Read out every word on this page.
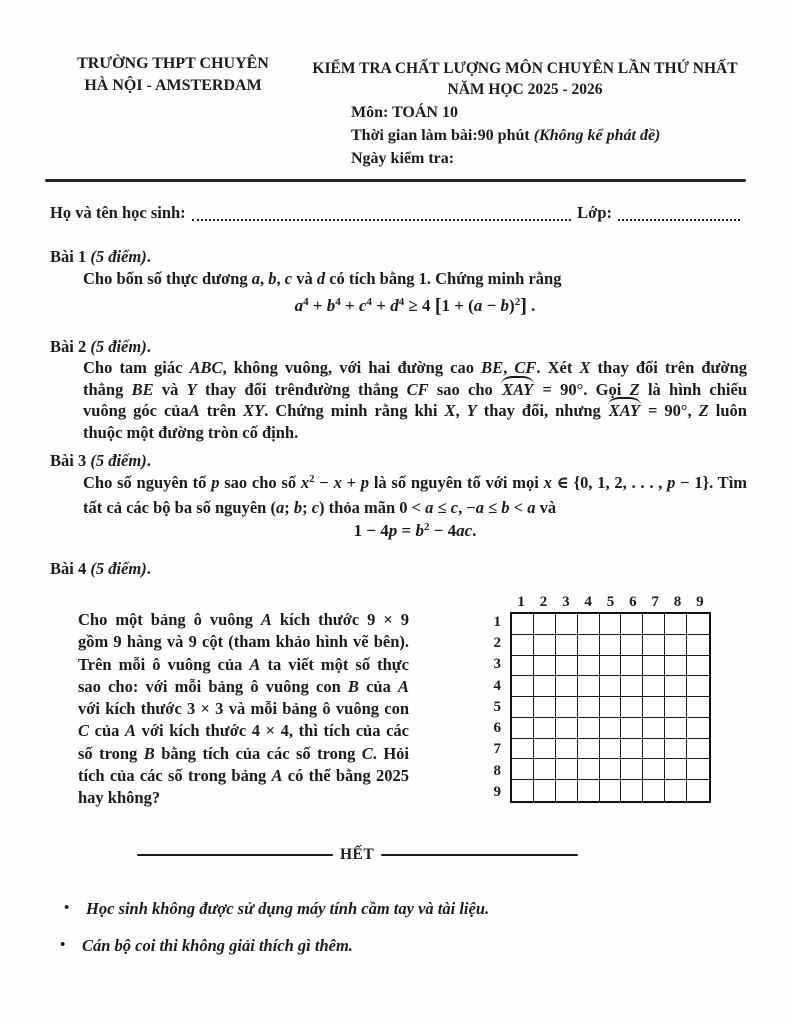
TRƯỜNG THPT CHUYÊN
HÀ NỘI - AMSTERDAM
KIỂM TRA CHẤT LƯỢNG MÔN CHUYÊN LẦN THỨ NHẤT
NĂM HỌC 2025 - 2026
Môn: TOÁN 10
Thời gian làm bài:90 phút (Không kể phát đề)
Ngày kiểm tra:
Họ và tên học sinh:	Lớp:
Bài 1 (5 điểm).
Cho bốn số thực dương a, b, c và d có tích bằng 1. Chứng minh rằng
$a^4 + b^4 + c^4 + d^4 \ge 4$ $[1 + (a - b)^2]$ .
Bài 2 (5 điểm).
Cho tam giác ABC, không vuông, với hai đường cao BE, CF. Xét X thay đổi trên đường
thẳng BE và Y thay đổi trênđường thẳng CF sao cho XAY = 90°. Gọi Z là hình chiếu
vuông góc củaA trên XY. Chứng minh rằng khi X, Y thay đổi, nhưng XAY = 90°, Z luôn
thuộc một đường tròn cố định.
Bài 3 (5 điểm).
Cho số nguyên tố p sao cho số $x^2 - x + p$ là số nguyên tố với mọi x ∈ {0, 1, 2, . . . , p − 1}. Tìm
tất cả các bộ ba số nguyên (a; b; c) thỏa mãn 0 < a ≤ c, −a ≤ b < a và
$1 - 4p = b^2 - 4ac$.
Bài 4 (5 điểm).
Cho một bảng ô vuông A kích thước 9 × 9
gồm 9 hàng và 9 cột (tham khảo hình vẽ bên).
Trên mỗi ô vuông của A ta viết một số thực
sao cho: với mỗi bảng ô vuông con B của A
với kích thước 3 × 3 và mỗi bảng ô vuông con
C của A với kích thước 4 × 4, thì tích của các
số trong B bằng tích của các số trong C. Hỏi
tích của các số trong bảng A có thể bằng 2025
hay không?
1 2 3 4 5 6 7 8 9
1
2
3
4
5
6
7
8
9
HẾT
•	Học sinh không được sử dụng máy tính cầm tay và tài liệu.
•	Cán bộ coi thi không giải thích gì thêm.
